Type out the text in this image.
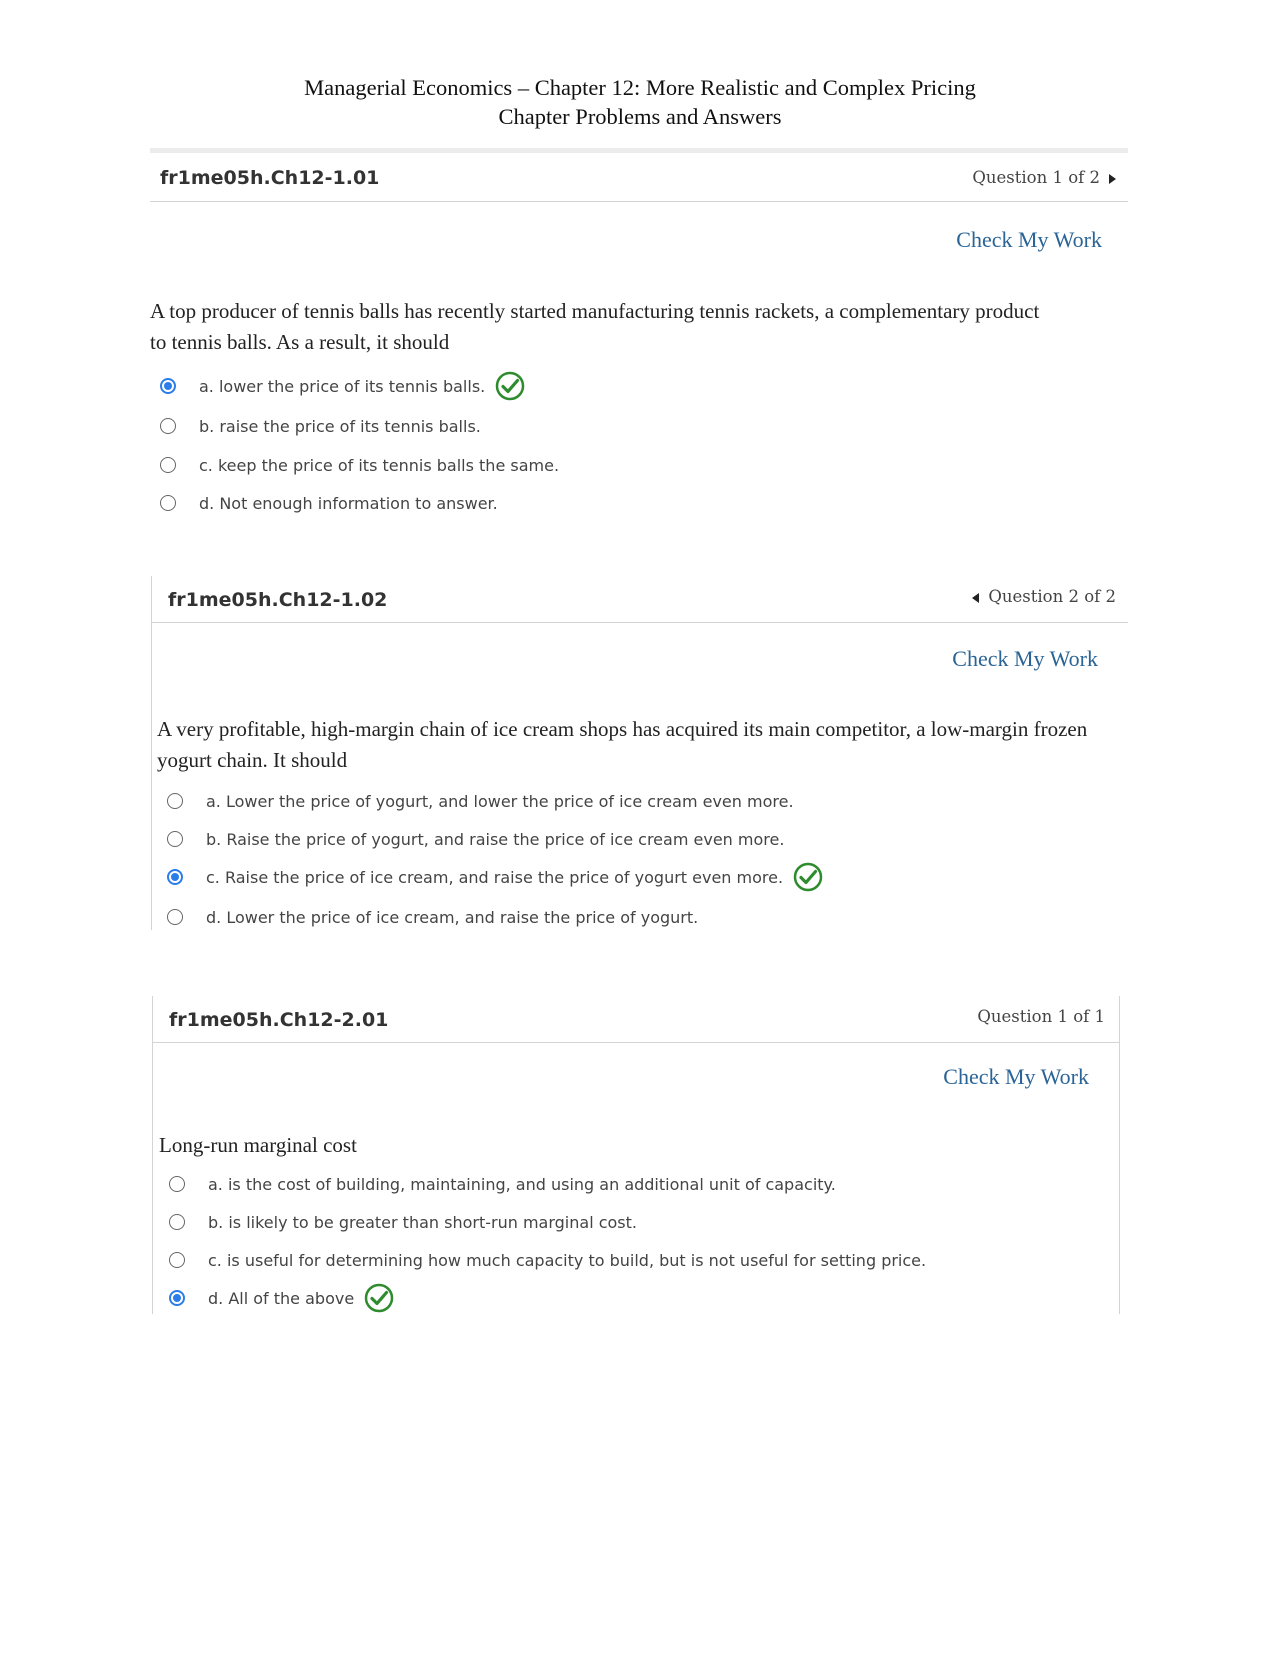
Managerial Economics – Chapter 12: More Realistic and Complex Pricing
Chapter Problems and Answers
fr1me05h.Ch12-1.01	Question 1 of 2
Check My Work
A top producer of tennis balls has recently started manufacturing tennis rackets, a complementary product to tennis balls. As a result, it should
a. lower the price of its tennis balls.
b. raise the price of its tennis balls.
c. keep the price of its tennis balls the same.
d. Not enough information to answer.
fr1me05h.Ch12-1.02	Question 2 of 2
Check My Work
A very profitable, high-margin chain of ice cream shops has acquired its main competitor, a low-margin frozen yogurt chain. It should
a. Lower the price of yogurt, and lower the price of ice cream even more.
b. Raise the price of yogurt, and raise the price of ice cream even more.
c. Raise the price of ice cream, and raise the price of yogurt even more.
d. Lower the price of ice cream, and raise the price of yogurt.
fr1me05h.Ch12-2.01	Question 1 of 1
Check My Work
Long-run marginal cost
a. is the cost of building, maintaining, and using an additional unit of capacity.
b. is likely to be greater than short-run marginal cost.
c. is useful for determining how much capacity to build, but is not useful for setting price.
d. All of the above
